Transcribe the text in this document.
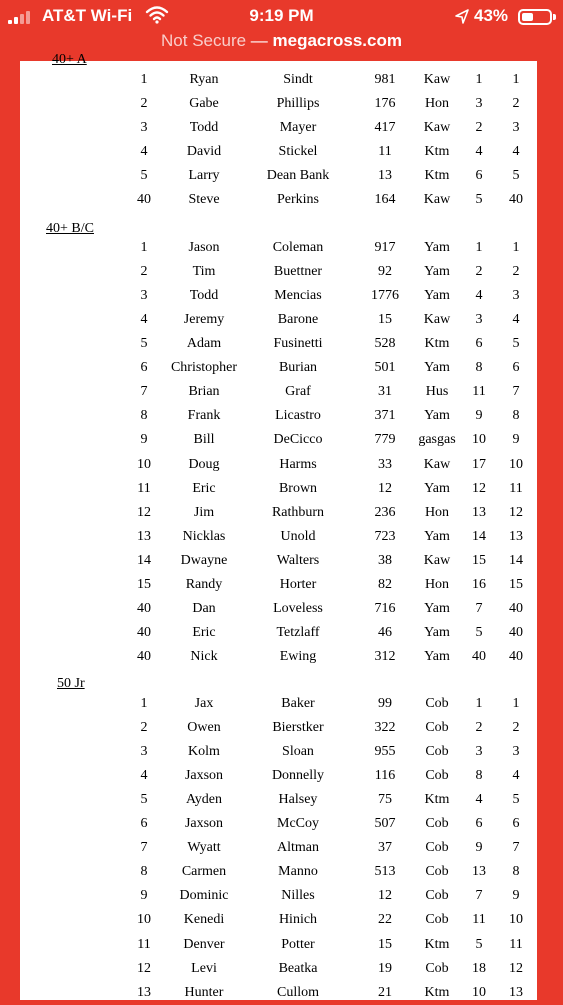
AT&T Wi-Fi	9:19 PM	43%
Not Secure — megacross.com
40+ A
1	Ryan	Sindt	981	Kaw	1	1
2	Gabe	Phillips	176	Hon	3	2
3	Todd	Mayer	417	Kaw	2	3
4	David	Stickel	11	Ktm	4	4
5	Larry	Dean Bank	13	Ktm	6	5
40	Steve	Perkins	164	Kaw	5	40
40+ B/C
1	Jason	Coleman	917	Yam	1	1
2	Tim	Buettner	92	Yam	2	2
3	Todd	Mencias	1776	Yam	4	3
4	Jeremy	Barone	15	Kaw	3	4
5	Adam	Fusinetti	528	Ktm	6	5
6	Christopher	Burian	501	Yam	8	6
7	Brian	Graf	31	Hus	11	7
8	Frank	Licastro	371	Yam	9	8
9	Bill	DeCicco	779	gasgas	10	9
10	Doug	Harms	33	Kaw	17	10
11	Eric	Brown	12	Yam	12	11
12	Jim	Rathburn	236	Hon	13	12
13	Nicklas	Unold	723	Yam	14	13
14	Dwayne	Walters	38	Kaw	15	14
15	Randy	Horter	82	Hon	16	15
40	Dan	Loveless	716	Yam	7	40
40	Eric	Tetzlaff	46	Yam	5	40
40	Nick	Ewing	312	Yam	40	40
50 Jr
1	Jax	Baker	99	Cob	1	1
2	Owen	Bierstker	322	Cob	2	2
3	Kolm	Sloan	955	Cob	3	3
4	Jaxson	Donnelly	116	Cob	8	4
5	Ayden	Halsey	75	Ktm	4	5
6	Jaxson	McCoy	507	Cob	6	6
7	Wyatt	Altman	37	Cob	9	7
8	Carmen	Manno	513	Cob	13	8
9	Dominic	Nilles	12	Cob	7	9
10	Kenedi	Hinich	22	Cob	11	10
11	Denver	Potter	15	Ktm	5	11
12	Levi	Beatka	19	Cob	18	12
13	Hunter	Cullom	21	Ktm	10	13
